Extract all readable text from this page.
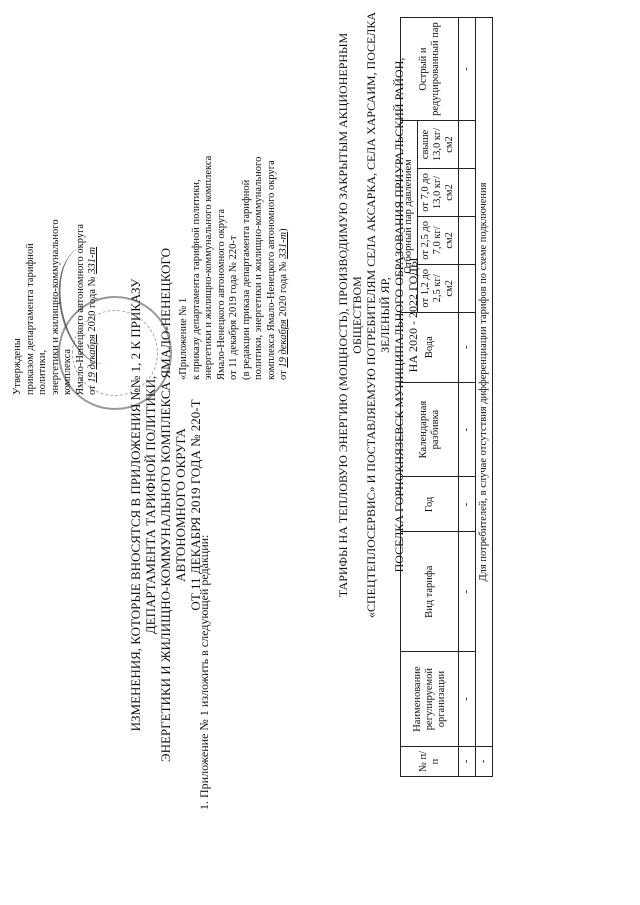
Утверждены приказом департамента тарифной политики, энергетики и жилищно-коммунального комплекса Ямало-Ненецкого автономного округа от 19 декабря 2020 года № 331-т
ИЗМЕНЕНИЯ, КОТОРЫЕ ВНОСЯТСЯ В ПРИЛОЖЕНИЯ №№ 1, 2 К ПРИКАЗУ ДЕПАРТАМЕНТА ТАРИФНОЙ ПОЛИТИКИ, ЭНЕРГЕТИКИ И ЖИЛИЩНО-КОММУНАЛЬНОГО КОМПЛЕКСА ЯМАЛО-НЕНЕЦКОГО АВТОНОМНОГО ОКРУГА ОТ 11 ДЕКАБРЯ 2019 ГОДА № 220-Т
1. Приложение № 1 изложить в следующей редакции:
«Приложение № 1 к приказу департамента тарифной политики, энергетики и жилищно-коммунального комплекса Ямало-Ненецкого автономного округа от 11 декабря 2019 года № 220-т (в редакции приказа департамента тарифной политики, энергетики и жилищно-коммунального комплекса Ямало-Ненецкого автономного округа от 19 декабря 2020 года № 331-т)	ТАРИФЫ НА ТЕПЛОВУЮ ЭНЕРГИЮ (МОЩНОСТЬ), ПРОИЗВОДИМУЮ ЗАКРЫТЫМ АКЦИОНЕРНЫМ ОБЩЕСТВОМ «СПЕЦТЕПЛОСЕРВИС» И ПОСТАВЛЯЕМУЮ ПОТРЕБИТЕЛЯМ СЕЛА АКСАРКА, СЕЛА ХАРСАИМ, ПОСЕЛКА ЗЕЛЕНЫЙ ЯР, ПОСЕЛКА ГОРНОКНЯЗЕВСК МУНИЦИПАЛЬНОГО ОБРАЗОВАНИЯ ПРИУРАЛЬСКИЙ РАЙОН, НА 2020 - 2022 ГОДЫ
№ п/п	Наименование регулируемой организации	Вид тарифа	Год	Календарная разбивка	Вода	Отборный пар давлением				Острый и редуцированный пар
						от 1,2 до 2,5 кг/см2	от 2,5 до 7,0 кг/см2	от 7,0 до 13,0 кг/см2	свыше 13,0 кг/см2	
-	-	-	-	-	-					-
-	Для потребителей, в случае отсутствия дифференциации тарифов по схеме подключения									
